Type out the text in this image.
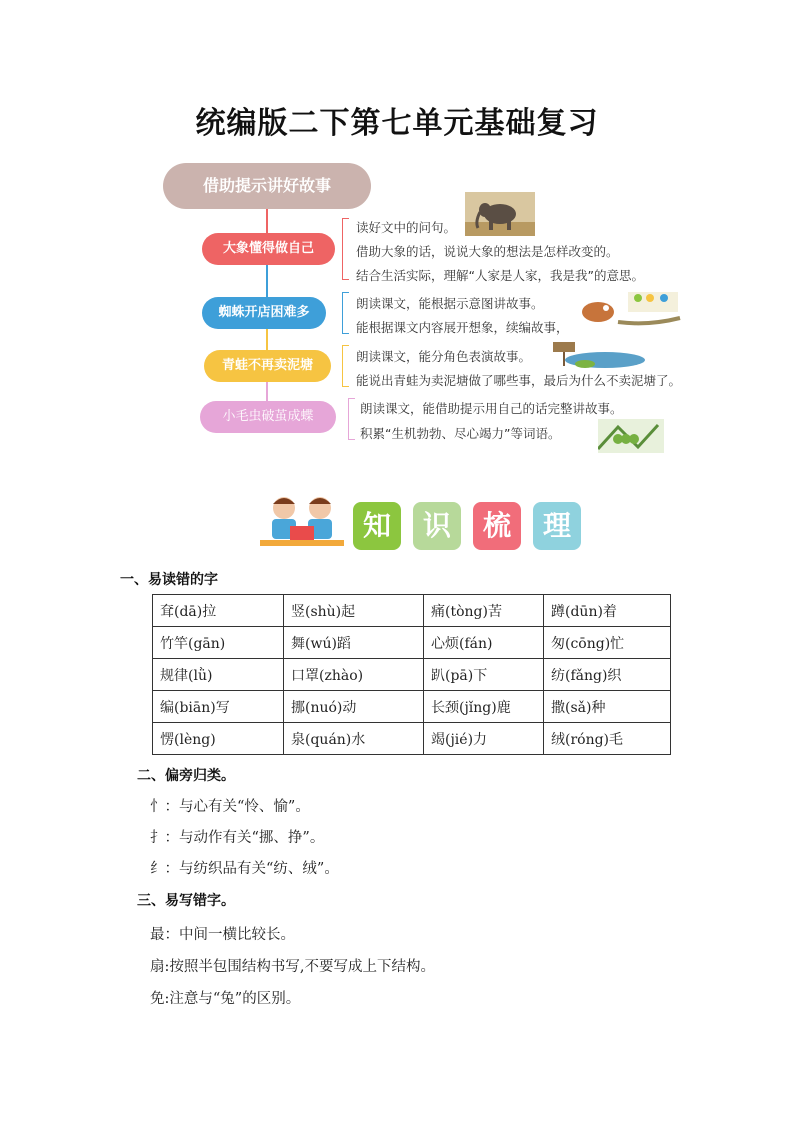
统编版二下第七单元基础复习
借助提示讲好故事
大象懂得做自己
蜘蛛开店困难多
青蛙不再卖泥塘
小毛虫破茧成蝶
读好文中的问句。
借助大象的话，说说大象的想法是怎样改变的。
结合生活实际，理解“人家是人家，我是我”的意思。
朗读课文，能根据示意图讲故事。
能根据课文内容展开想象，续编故事，
朗读课文，能分角色表演故事。
能说出青蛙为卖泥塘做了哪些事，最后为什么不卖泥塘了。
朗读课文，能借助提示用自己的话完整讲故事。
积累“生机勃勃、尽心竭力”等词语。
知	识	梳	理
一、易读错的字
耷(dā)拉	竖(shù)起	痛(tòng)苦	蹲(dūn)着
竹竿(gān)	舞(wú)蹈	心烦(fán)	匆(cōng)忙
规律(lǜ)	口罩(zhào)	趴(pā)下	纺(fǎng)织
编(biān)写	挪(nuó)动	长颈(jǐng)鹿	撒(sǎ)种
愣(lèng)	泉(quán)水	竭(jié)力	绒(róng)毛
二、偏旁归类。
忄：与心有关“怜、愉”。
扌：与动作有关“挪、挣”。
纟：与纺织品有关“纺、绒”。
三、易写错字。
最：中间一横比较长。
扇:按照半包围结构书写,不要写成上下结构。
免:注意与“兔”的区别。
